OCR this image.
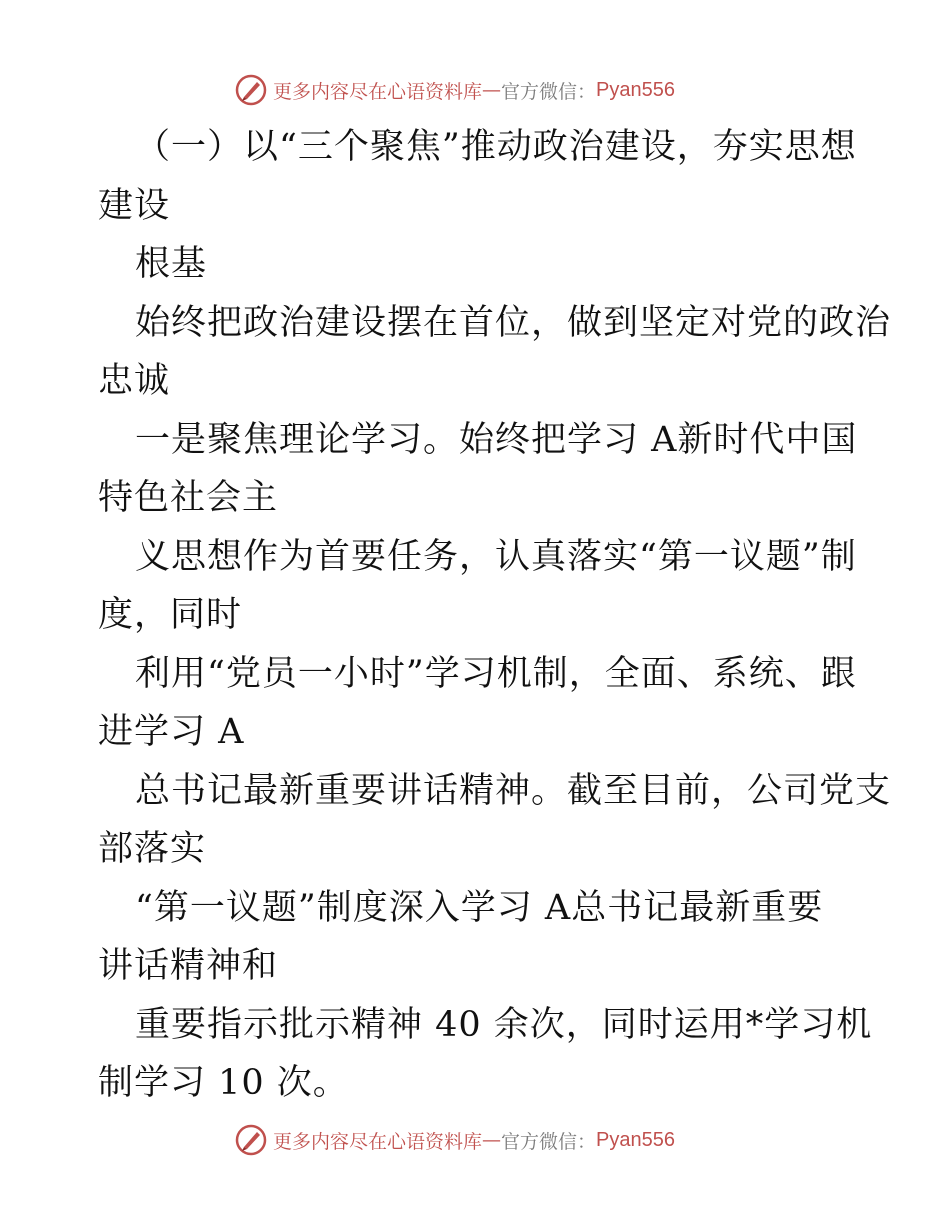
更多内容尽在心语资料库 — 官方微信： Pyan556
（一）以“三个聚焦”推动政治建设，夯实思想
建设
根基
始终把政治建设摆在首位，做到坚定对党的政治
忠诚
一是聚焦理论学习。始终把学习 A新时代中国
特色社会主
义思想作为首要任务，认真落实“第一议题”制
度，同时
利用“党员一小时”学习机制，全面、系统、跟
进学习 A
总书记最新重要讲话精神。截至目前，公司党支
部落实
“第一议题”制度深入学习 A总书记最新重要
讲话精神和
重要指示批示精神 40 余次，同时运用*学习机
制学习 10 次。
更多内容尽在心语资料库 — 官方微信： Pyan556
